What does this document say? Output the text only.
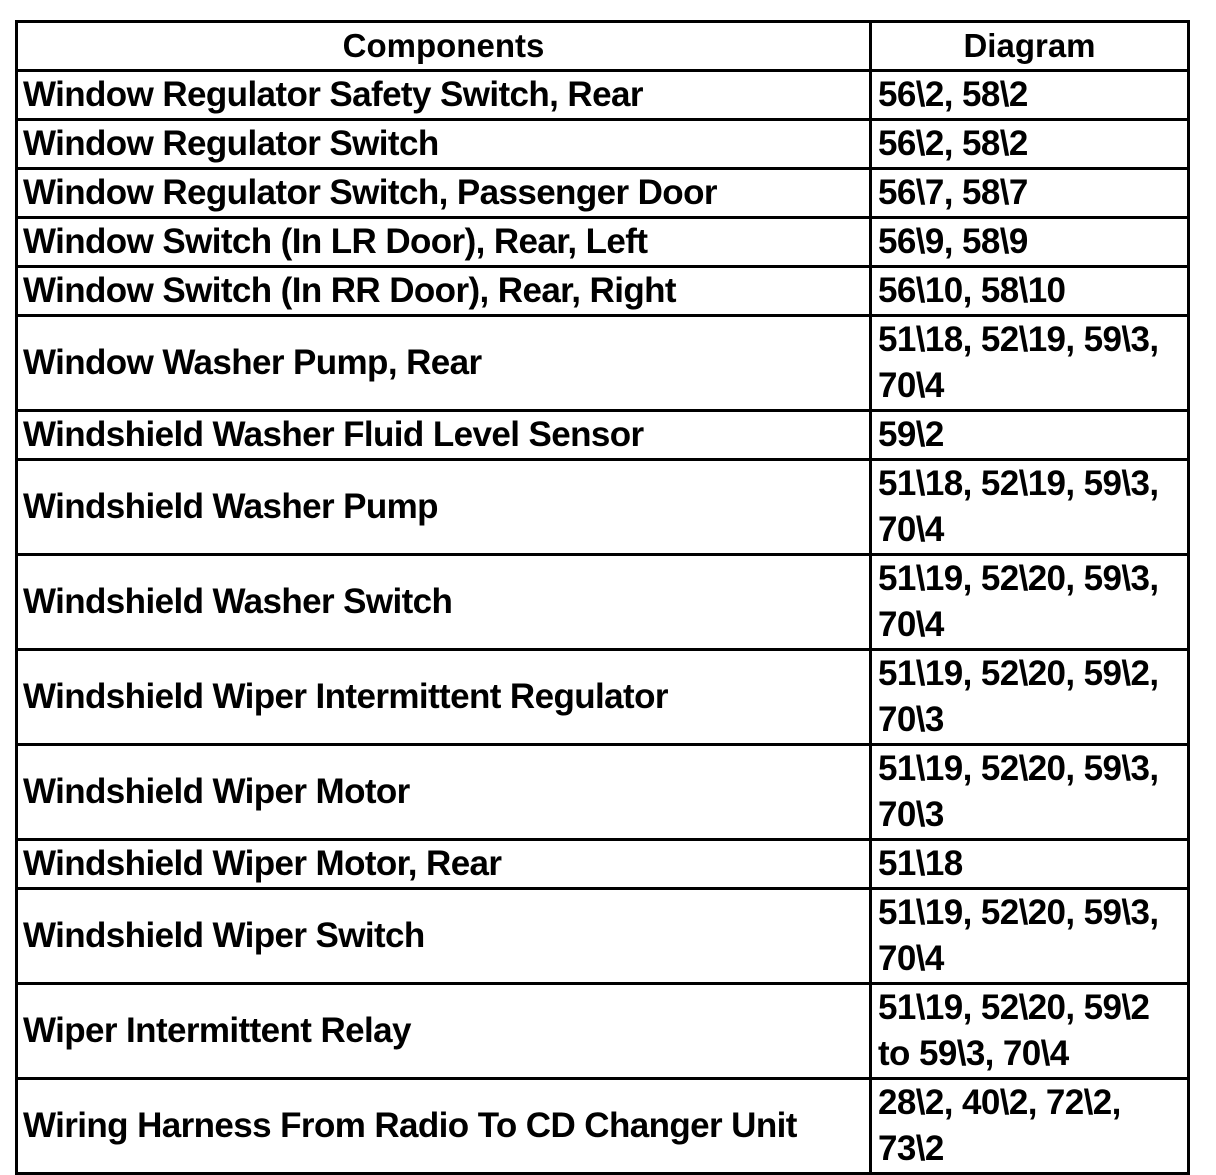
Components	Diagram
Window Regulator Safety Switch, Rear	56\2, 58\2
Window Regulator Switch	56\2, 58\2
Window Regulator Switch, Passenger Door	56\7, 58\7
Window Switch (In LR Door), Rear, Left	56\9, 58\9
Window Switch (In RR Door), Rear, Right	56\10, 58\10
Window Washer Pump, Rear	51\18, 52\19, 59\3, 70\4
Windshield Washer Fluid Level Sensor	59\2
Windshield Washer Pump	51\18, 52\19, 59\3, 70\4
Windshield Washer Switch	51\19, 52\20, 59\3, 70\4
Windshield Wiper Intermittent Regulator	51\19, 52\20, 59\2, 70\3
Windshield Wiper Motor	51\19, 52\20, 59\3, 70\3
Windshield Wiper Motor, Rear	51\18
Windshield Wiper Switch	51\19, 52\20, 59\3, 70\4
Wiper Intermittent Relay	51\19, 52\20, 59\2 to 59\3, 70\4
Wiring Harness From Radio To CD Changer Unit	28\2, 40\2, 72\2, 73\2
